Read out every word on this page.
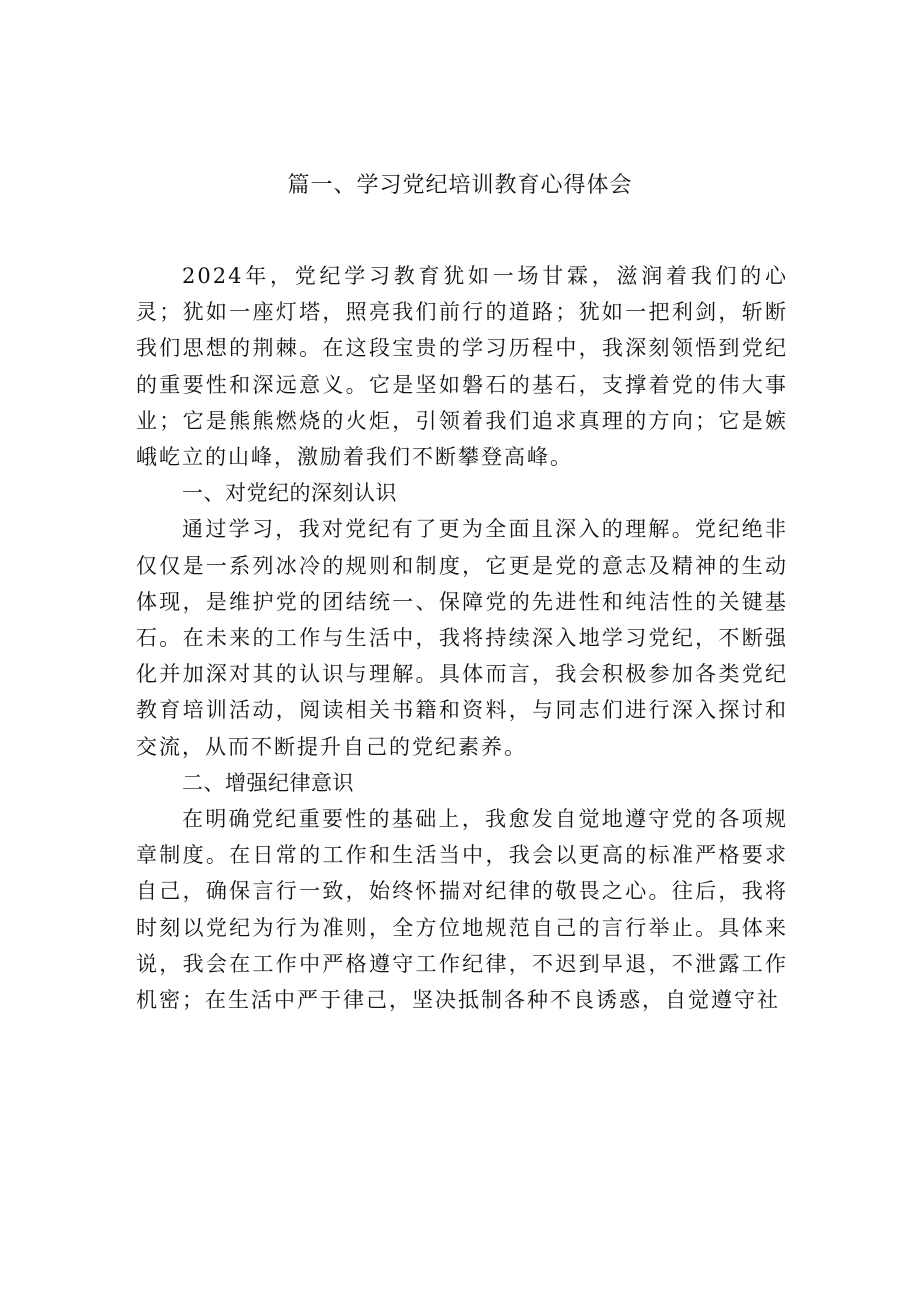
篇一、学习党纪培训教育心得体会

2024年，党纪学习教育犹如一场甘霖，滋润着我们的心灵；犹如一座灯塔，照亮我们前行的道路；犹如一把利剑，斩断我们思想的荆棘。在这段宝贵的学习历程中，我深刻领悟到党纪的重要性和深远意义。它是坚如磐石的基石，支撑着党的伟大事业；它是熊熊燃烧的火炬，引领着我们追求真理的方向；它是嫉峨屹立的山峰，激励着我们不断攀登高峰。

一、对党纪的深刻认识

通过学习，我对党纪有了更为全面且深入的理解。党纪绝非仅仅是一系列冰冷的规则和制度，它更是党的意志及精神的生动体现，是维护党的团结统一、保障党的先进性和纯洁性的关键基石。在未来的工作与生活中，我将持续深入地学习党纪，不断强化并加深对其的认识与理解。具体而言，我会积极参加各类党纪教育培训活动，阅读相关书籍和资料，与同志们进行深入探讨和交流，从而不断提升自己的党纪素养。

二、增强纪律意识

在明确党纪重要性的基础上，我愈发自觉地遵守党的各项规章制度。在日常的工作和生活当中，我会以更高的标准严格要求自己，确保言行一致，始终怀揣对纪律的敬畏之心。往后，我将时刻以党纪为行为准则，全方位地规范自己的言行举止。具体来说，我会在工作中严格遵守工作纪律，不迟到早退，不泄露工作机密；在生活中严于律己，坚决抵制各种不良诱惑，自觉遵守社
